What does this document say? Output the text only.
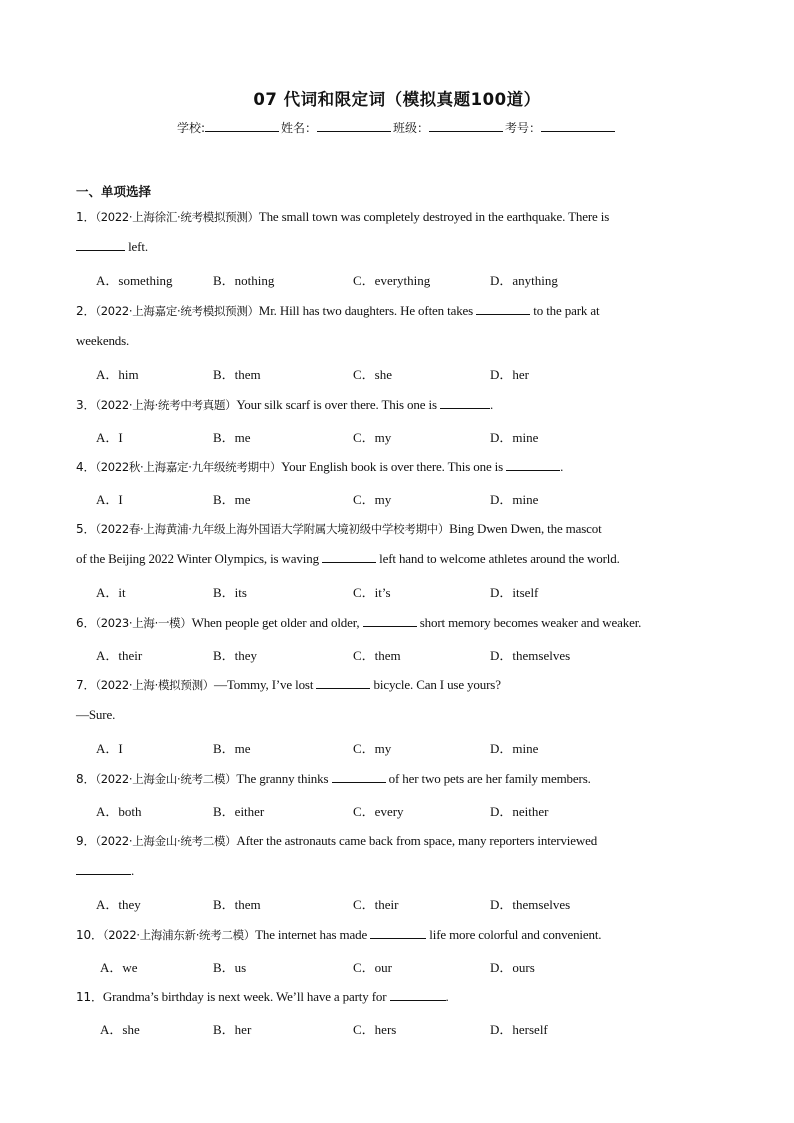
07 代词和限定词（模拟真题100道）
学校:	姓名：	班级：	考号：
一、单项选择
1．（2022·上海徐汇·统考模拟预测）The small town was completely destroyed in the earthquake. There is
left.
A．something	B．nothing	C．everything	D．anything
2．（2022·上海嘉定·统考模拟预测）Mr. Hill has two daughters. He often takes	to the park at
weekends.
A．him	B．them	C．she	D．her
3．（2022·上海·统考中考真题）Your silk scarf is over there. This one is	.
A．I	B．me	C．my	D．mine
4．（2022秋·上海嘉定·九年级统考期中）Your English book is over there. This one is	.
A．I	B．me	C．my	D．mine
5．（2022春·上海黄浦·九年级上海外国语大学附属大境初级中学校考期中）Bing Dwen Dwen, the mascot
of the Beijing 2022 Winter Olympics, is waving	left hand to welcome athletes around the world.
A．it	B．its	C．it’s	D．itself
6．（2023·上海·一模）When people get older and older,	short memory becomes weaker and weaker.
A．their	B．they	C．them	D．themselves
7．（2022·上海·模拟预测）—Tommy, I’ve lost	bicycle. Can I use yours?
—Sure.
A．I	B．me	C．my	D．mine
8．（2022·上海金山·统考二模）The granny thinks	of her two pets are her family members.
A．both	B．either	C．every	D．neither
9．（2022·上海金山·统考二模）After the astronauts came back from space, many reporters interviewed
.
A．they	B．them	C．their	D．themselves
10．（2022·上海浦东新·统考二模）The internet has made	life more colorful and convenient.
A．we	B．us	C．our	D．ours
11．Grandma’s birthday is next week. We’ll have a party for	.
A．she	B．her	C．hers	D．herself
